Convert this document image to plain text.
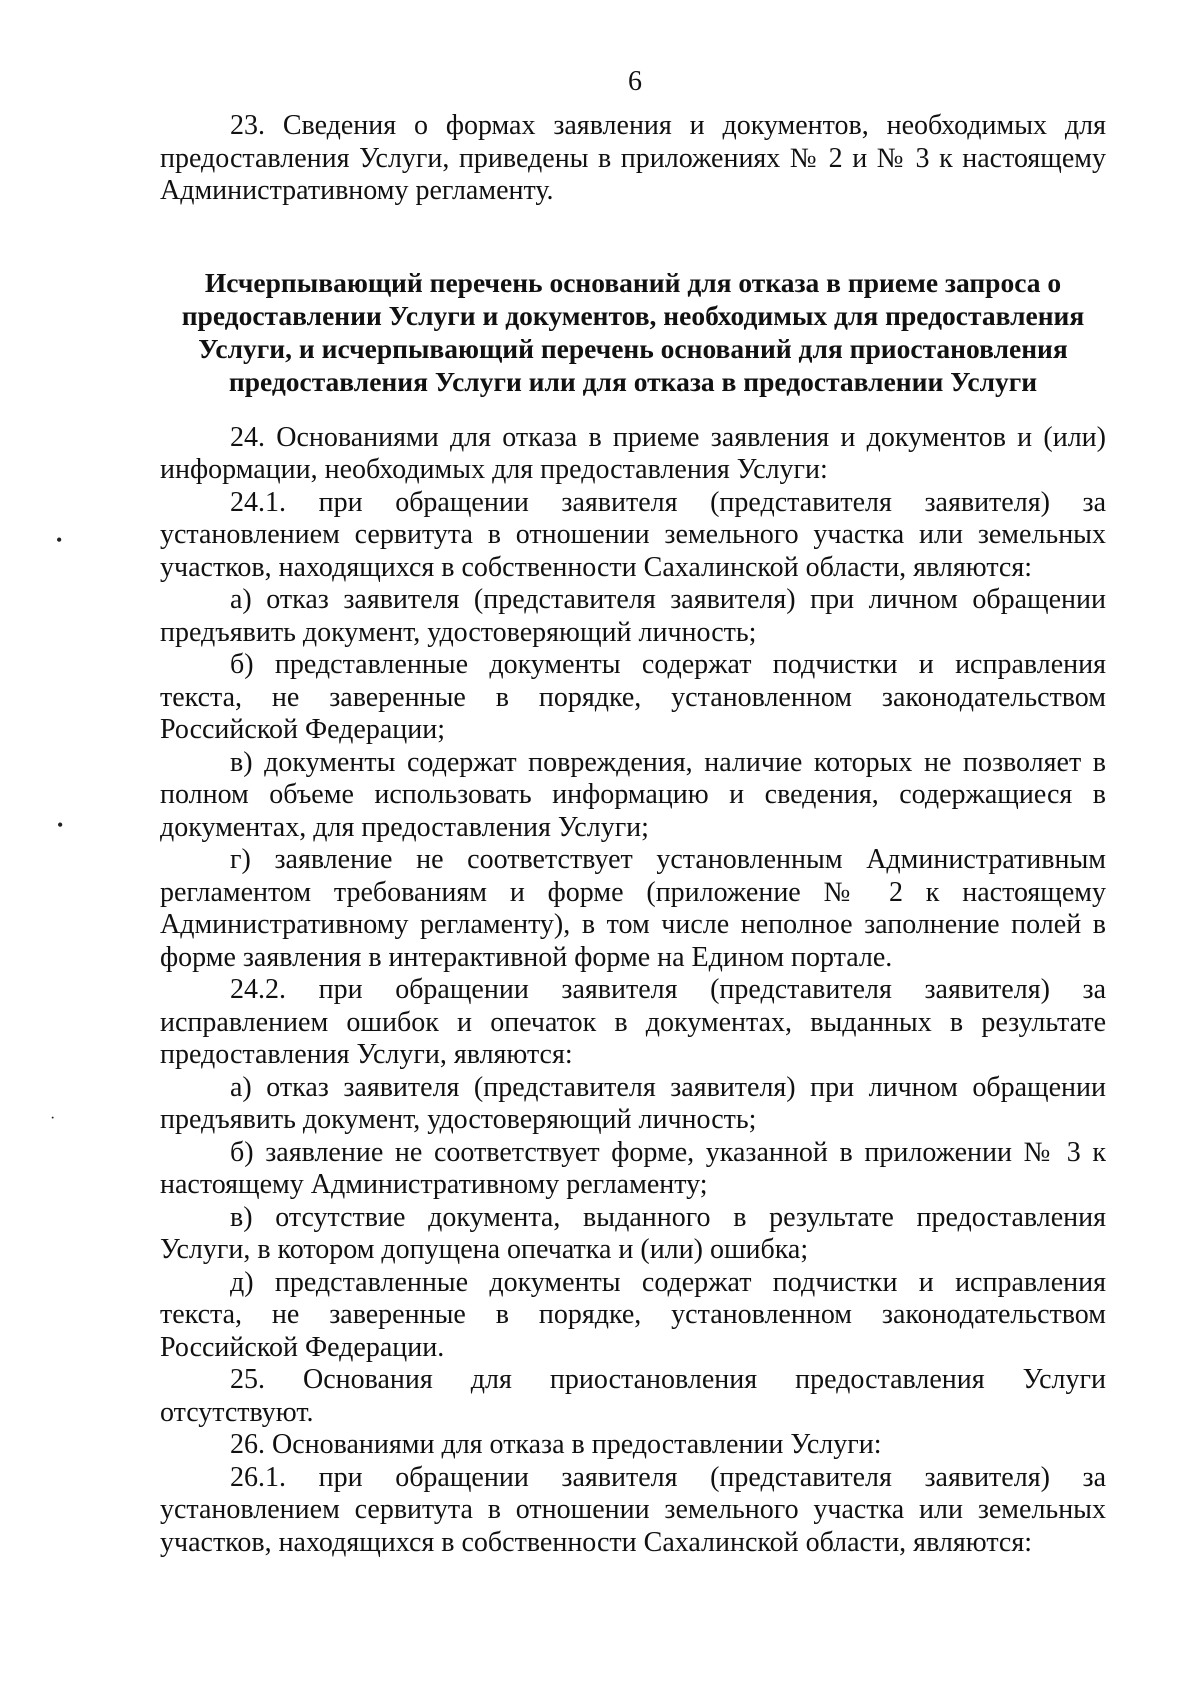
6

23. Сведения о формах заявления и документов, необходимых для предоставления Услуги, приведены в приложениях № 2 и № 3 к настоящему Административному регламенту.

Исчерпывающий перечень оснований для отказа в приеме запроса о предоставлении Услуги и документов, необходимых для предоставления Услуги, и исчерпывающий перечень оснований для приостановления предоставления Услуги или для отказа в предоставлении Услуги

24. Основаниями для отказа в приеме заявления и документов и (или) информации, необходимых для предоставления Услуги:

24.1. при обращении заявителя (представителя заявителя) за установлением сервитута в отношении земельного участка или земельных участков, находящихся в собственности Сахалинской области, являются:

а) отказ заявителя (представителя заявителя) при личном обращении предъявить документ, удостоверяющий личность;

б) представленные документы содержат подчистки и исправления текста, не заверенные в порядке, установленном законодательством Российской Федерации;

в) документы содержат повреждения, наличие которых не позволяет в полном объеме использовать информацию и сведения, содержащиеся в документах, для предоставления Услуги;

г) заявление не соответствует установленным Административным регламентом требованиям и форме (приложение № 2 к настоящему Административному регламенту), в том числе неполное заполнение полей в форме заявления в интерактивной форме на Едином портале.

24.2. при обращении заявителя (представителя заявителя) за исправлением ошибок и опечаток в документах, выданных в результате предоставления Услуги, являются:

а) отказ заявителя (представителя заявителя) при личном обращении предъявить документ, удостоверяющий личность;

б) заявление не соответствует форме, указанной в приложении № 3 к настоящему Административному регламенту;

в) отсутствие документа, выданного в результате предоставления Услуги, в котором допущена опечатка и (или) ошибка;

д) представленные документы содержат подчистки и исправления текста, не заверенные в порядке, установленном законодательством Российской Федерации.

25. Основания для приостановления предоставления Услуги отсутствуют.

26. Основаниями для отказа в предоставлении Услуги:

26.1. при обращении заявителя (представителя заявителя) за установлением сервитута в отношении земельного участка или земельных участков, находящихся в собственности Сахалинской области, являются:

•
•
·
